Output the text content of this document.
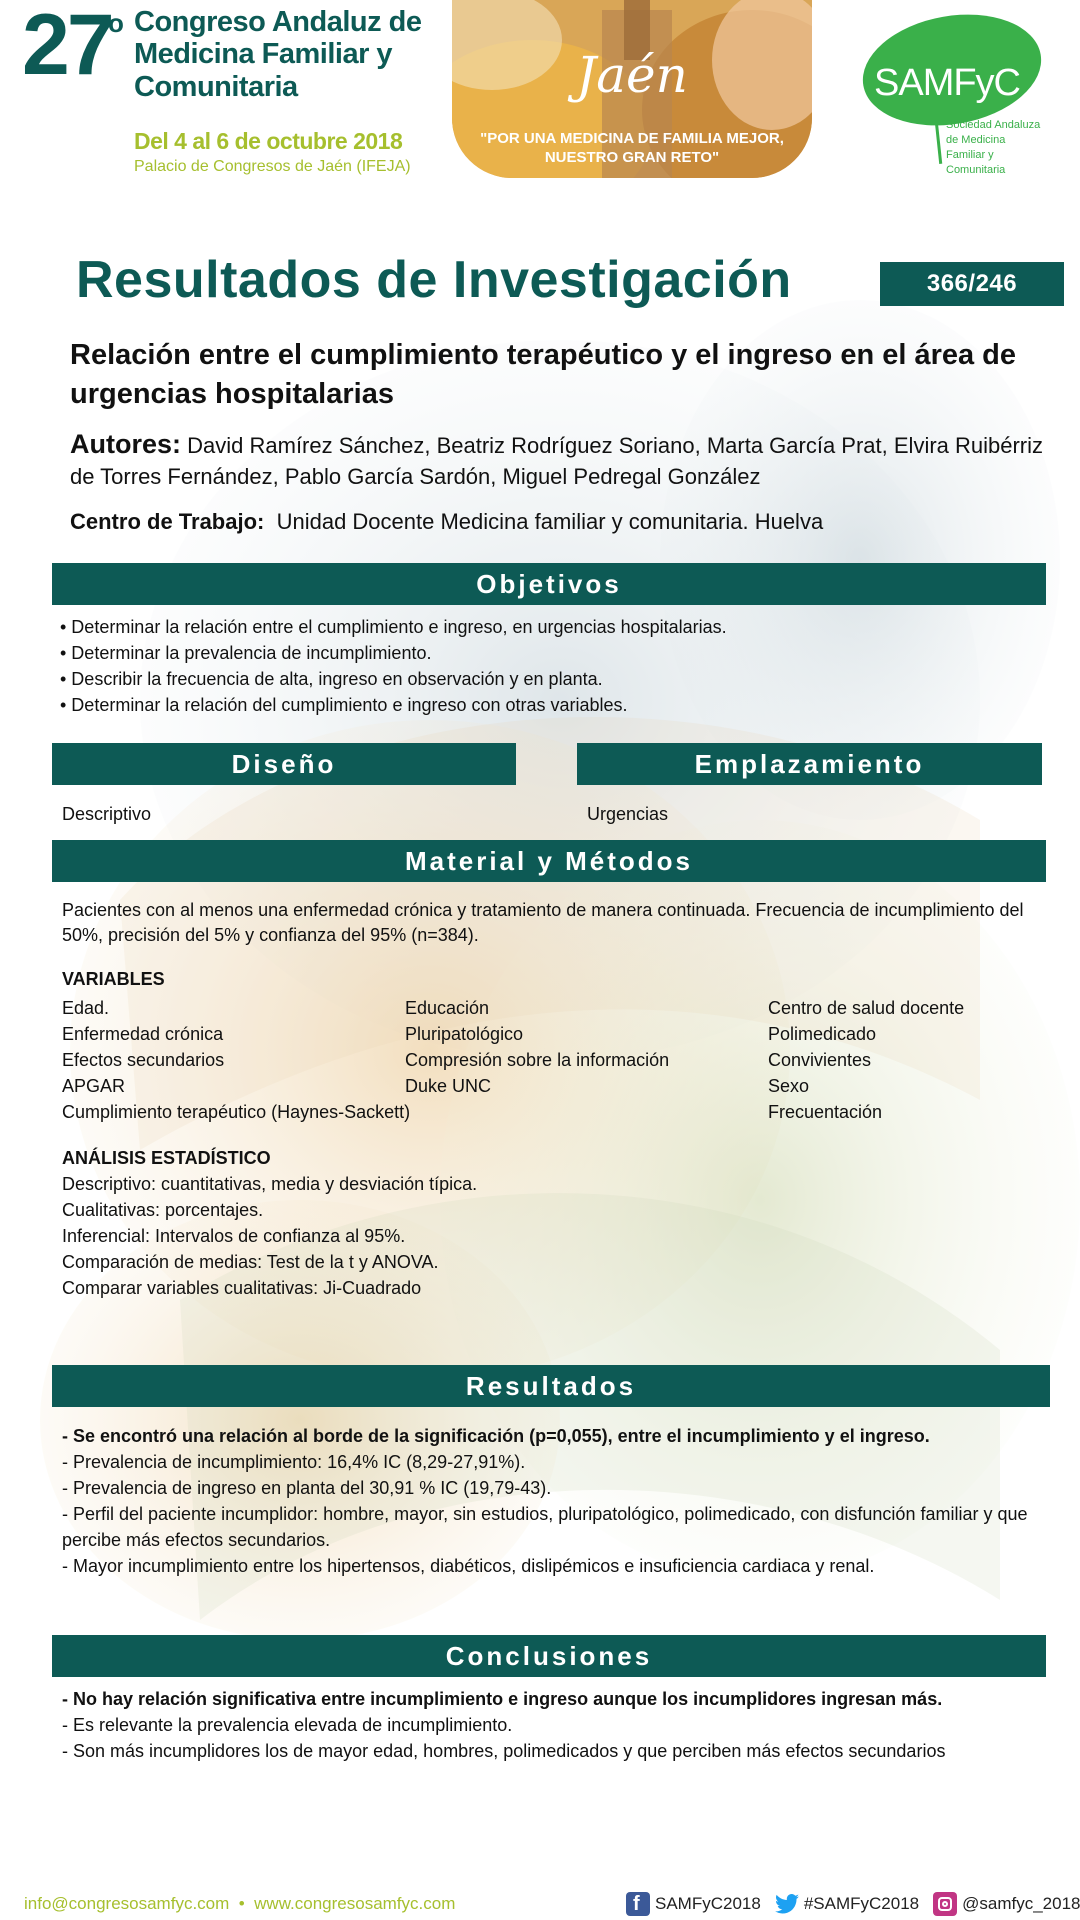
27
o Congreso Andaluz de Medicina Familiar y Comunitaria
Del 4 al 6 de octubre 2018
Palacio de Congresos de Jaén (IFEJA)
Jaén
"POR UNA MEDICINA DE FAMILIA MEJOR, NUESTRO GRAN RETO"
SAMFyC
Sociedad Andaluza de Medicina Familiar y Comunitaria
Resultados de Investigación	366/246
Relación entre el cumplimiento terapéutico y el ingreso en el área de urgencias hospitalarias
Autores: David Ramírez Sánchez, Beatriz Rodríguez Soriano, Marta García Prat, Elvira Ruibérriz de Torres Fernández, Pablo García Sardón, Miguel Pedregal González
Centro de Trabajo: Unidad Docente Medicina familiar y comunitaria. Huelva
Objetivos
• Determinar la relación entre el cumplimiento e ingreso, en urgencias hospitalarias.
• Determinar la prevalencia de incumplimiento.
• Describir la frecuencia de alta, ingreso en observación y en planta.
• Determinar la relación del cumplimiento e ingreso con otras variables.
Diseño	Emplazamiento
Descriptivo	Urgencias
Material y Métodos
Pacientes con al menos una enfermedad crónica y tratamiento de manera continuada. Frecuencia de incumplimiento del 50%, precisión del 5% y confianza del 95% (n=384).
VARIABLES
Edad.
Enfermedad crónica
Efectos secundarios
APGAR
Cumplimiento terapéutico (Haynes-Sackett)
Educación
Pluripatológico
Compresión sobre la información
Duke UNC
Centro de salud docente
Polimedicado
Convivientes
Sexo
Frecuentación
ANÁLISIS ESTADÍSTICO
Descriptivo: cuantitativas, media y desviación típica.
Cualitativas: porcentajes.
Inferencial: Intervalos de confianza al 95%.
Comparación de medias: Test de la t y ANOVA.
Comparar variables cualitativas: Ji-Cuadrado
Resultados
- Se encontró una relación al borde de la significación (p=0,055), entre el incumplimiento y el ingreso.
- Prevalencia de incumplimiento: 16,4% IC (8,29-27,91%).
- Prevalencia de ingreso en planta del 30,91 % IC (19,79-43).
- Perfil del paciente incumplidor: hombre, mayor, sin estudios, pluripatológico, polimedicado, con disfunción familiar y que percibe más efectos secundarios.
- Mayor incumplimiento entre los hipertensos, diabéticos, dislipémicos e insuficiencia cardiaca y renal.
Conclusiones
- No hay relación significativa entre incumplimiento e ingreso aunque los incumplidores ingresan más.
- Es relevante la prevalencia elevada de incumplimiento.
- Son más incumplidores los de mayor edad, hombres, polimedicados y que perciben más efectos secundarios
info@congresosamfyc.com • www.congresosamfyc.com
f	SAMFyC2018	#SAMFyC2018	@samfyc_2018
